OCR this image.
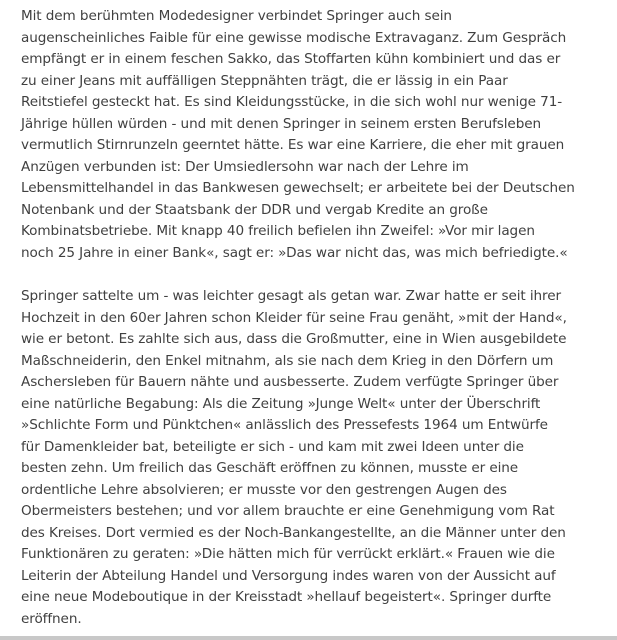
Mit dem berühmten Modedesigner verbindet Springer auch sein
augenscheinliches Faible für eine gewisse modische Extravaganz. Zum Gespräch
empfängt er in einem feschen Sakko, das Stoffarten kühn kombiniert und das er
zu einer Jeans mit auffälligen Steppnähten trägt, die er lässig in ein Paar
Reitstiefel gesteckt hat. Es sind Kleidungsstücke, in die sich wohl nur wenige 71-
Jährige hüllen würden - und mit denen Springer in seinem ersten Berufsleben
vermutlich Stirnrunzeln geerntet hätte. Es war eine Karriere, die eher mit grauen
Anzügen verbunden ist: Der Umsiedlersohn war nach der Lehre im
Lebensmittelhandel in das Bankwesen gewechselt; er arbeitete bei der Deutschen
Notenbank und der Staatsbank der DDR und vergab Kredite an große
Kombinatsbetriebe. Mit knapp 40 freilich befielen ihn Zweifel: »Vor mir lagen
noch 25 Jahre in einer Bank«, sagt er: »Das war nicht das, was mich befriedigte.«
Springer sattelte um - was leichter gesagt als getan war. Zwar hatte er seit ihrer
Hochzeit in den 60er Jahren schon Kleider für seine Frau genäht, »mit der Hand«,
wie er betont. Es zahlte sich aus, dass die Großmutter, eine in Wien ausgebildete
Maßschneiderin, den Enkel mitnahm, als sie nach dem Krieg in den Dörfern um
Aschersleben für Bauern nähte und ausbesserte. Zudem verfügte Springer über
eine natürliche Begabung: Als die Zeitung »Junge Welt« unter der Überschrift
»Schlichte Form und Pünktchen« anlässlich des Pressefests 1964 um Entwürfe
für Damenkleider bat, beteiligte er sich - und kam mit zwei Ideen unter die
besten zehn. Um freilich das Geschäft eröffnen zu können, musste er eine
ordentliche Lehre absolvieren; er musste vor den gestrengen Augen des
Obermeisters bestehen; und vor allem brauchte er eine Genehmigung vom Rat
des Kreises. Dort vermied es der Noch-Bankangestellte, an die Männer unter den
Funktionären zu geraten: »Die hätten mich für verrückt erklärt.« Frauen wie die
Leiterin der Abteilung Handel und Versorgung indes waren von der Aussicht auf
eine neue Modeboutique in der Kreisstadt »hellauf begeistert«. Springer durfte
eröffnen.
